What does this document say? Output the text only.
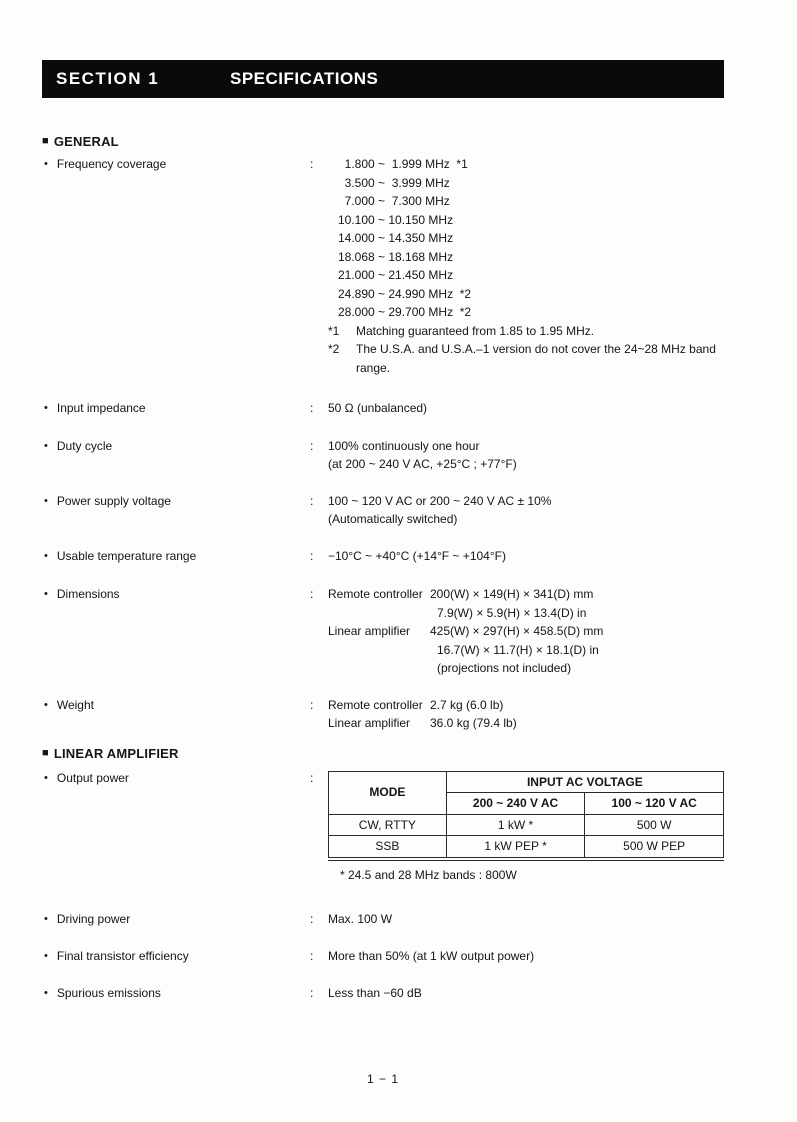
SECTION 1	SPECIFICATIONS
■ GENERAL
• Frequency coverage	:	1.800 ~  1.999 MHz  *1
3.500 ~  3.999 MHz
7.000 ~  7.300 MHz
10.100 ~ 10.150 MHz
14.000 ~ 14.350 MHz
18.068 ~ 18.168 MHz
21.000 ~ 21.450 MHz
24.890 ~ 24.990 MHz  *2
28.000 ~ 29.700 MHz  *2
*1	Matching guaranteed from 1.85 to 1.95 MHz.
*2	The U.S.A. and U.S.A.–1 version do not cover the 24~28 MHz band range.
• Input impedance	:	50 Ω (unbalanced)
• Duty cycle	:	100% continuously one hour
(at 200 ~ 240 V AC, +25°C ; +77°F)
• Power supply voltage	:	100 ~ 120 V AC or 200 ~ 240 V AC ± 10%
(Automatically switched)
• Usable temperature range	:	−10°C ~ +40°C (+14°F ~ +104°F)
• Dimensions	:	Remote controller 200(W) × 149(H) × 341(D) mm
7.9(W) × 5.9(H) × 13.4(D) in
Linear amplifier	425(W) × 297(H) × 458.5(D) mm
16.7(W) × 11.7(H) × 18.1(D) in
(projections not included)
• Weight	:	Remote controller 2.7 kg (6.0 lb)
Linear amplifier	36.0 kg (79.4 lb)
■ LINEAR AMPLIFIER
• Output power	:
MODE	INPUT AC VOLTAGE	
	200 ~ 240 V AC	100 ~ 120 V AC
CW, RTTY	1 kW *	500 W
SSB	1 kW PEP *	500 W PEP
* 24.5 and 28 MHz bands : 800W
• Driving power	:	Max. 100 W
• Final transistor efficiency	:	More than 50% (at 1 kW output power)
• Spurious emissions	:	Less than −60 dB
1 − 1
